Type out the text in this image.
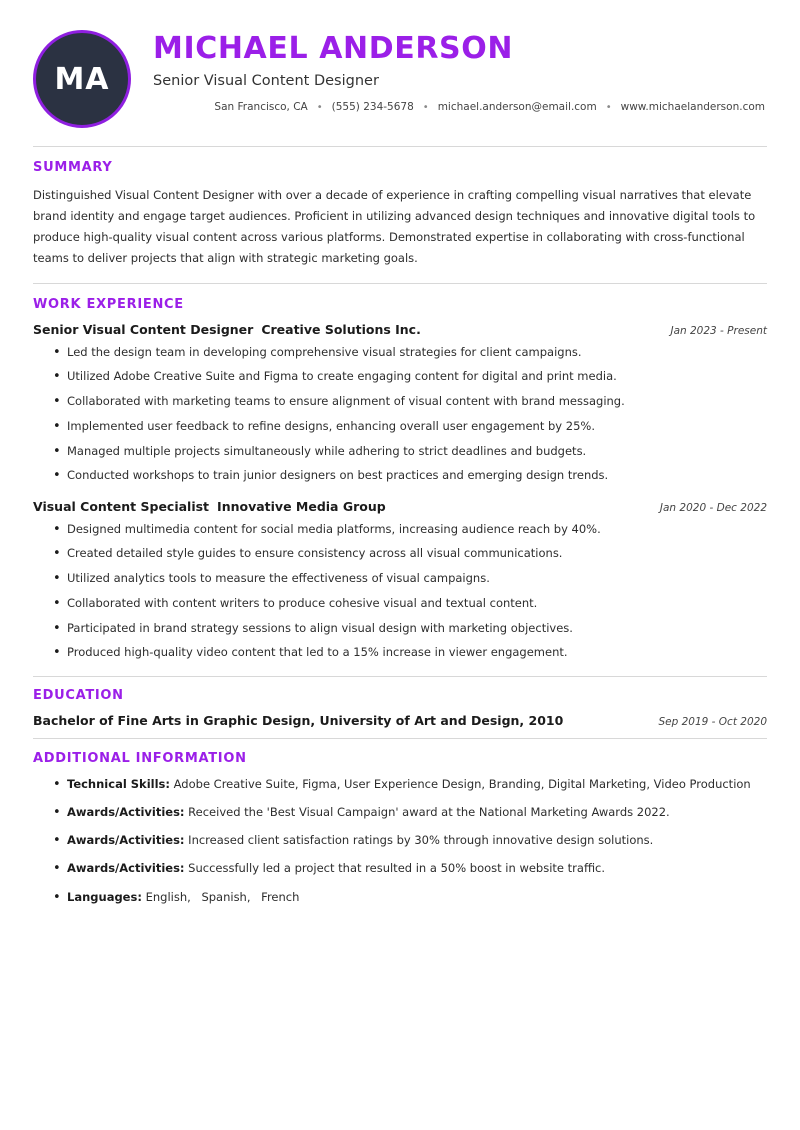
MA
MICHAEL ANDERSON
Senior Visual Content Designer
San Francisco, CA • (555) 234-5678 • michael.anderson@email.com • www.michaelanderson.com
SUMMARY

Distinguished Visual Content Designer with over a decade of experience in crafting compelling visual narratives that elevate brand identity and engage target audiences. Proficient in utilizing advanced design techniques and innovative digital tools to produce high-quality visual content across various platforms. Demonstrated expertise in collaborating with cross-functional teams to deliver projects that align with strategic marketing goals.

WORK EXPERIENCE
Senior Visual Content Designer Creative Solutions Inc.	Jan 2023 - Present
• Led the design team in developing comprehensive visual strategies for client campaigns.
• Utilized Adobe Creative Suite and Figma to create engaging content for digital and print media.
• Collaborated with marketing teams to ensure alignment of visual content with brand messaging.
• Implemented user feedback to refine designs, enhancing overall user engagement by 25%.
• Managed multiple projects simultaneously while adhering to strict deadlines and budgets.
• Conducted workshops to train junior designers on best practices and emerging design trends.
Visual Content Specialist Innovative Media Group	Jan 2020 - Dec 2022
• Designed multimedia content for social media platforms, increasing audience reach by 40%.
• Created detailed style guides to ensure consistency across all visual communications.
• Utilized analytics tools to measure the effectiveness of visual campaigns.
• Collaborated with content writers to produce cohesive visual and textual content.
• Participated in brand strategy sessions to align visual design with marketing objectives.
• Produced high-quality video content that led to a 15% increase in viewer engagement.
EDUCATION
Bachelor of Fine Arts in Graphic Design, University of Art and Design, 2010	Sep 2019 - Oct 2020
ADDITIONAL INFORMATION
• Technical Skills: Adobe Creative Suite, Figma, User Experience Design, Branding, Digital Marketing, Video Production
• Awards/Activities: Received the 'Best Visual Campaign' award at the National Marketing Awards 2022.
• Awards/Activities: Increased client satisfaction ratings by 30% through innovative design solutions.
• Awards/Activities: Successfully led a project that resulted in a 50% boost in website traffic.
• Languages: English, Spanish, French
